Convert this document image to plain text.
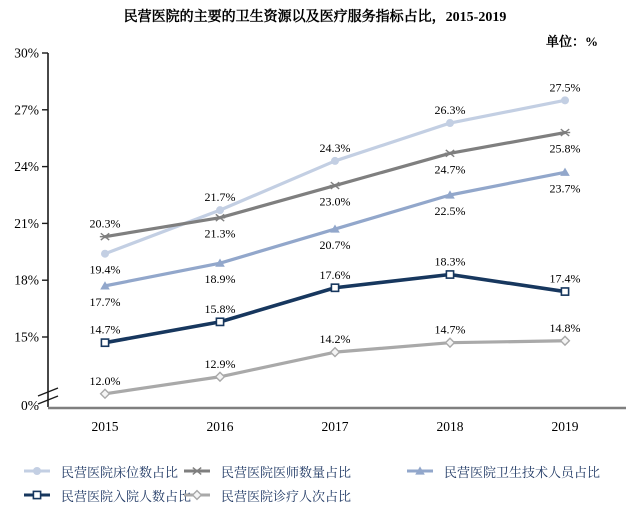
民营医院的主要的卫生资源以及医疗服务指标占比，2015-2019
单位：%
30%
27%
24%
21%
18%
15%
0%
2015	2016	2017	2018	2019
19.4%
21.7%
24.3%
26.3%
27.5%
20.3%
21.3%
23.0%
24.7%
25.8%
17.7%
18.9%
20.7%
22.5%
23.7%
14.7%
15.8%
17.6%
18.3%
17.4%
12.0%
12.9%
14.2%
14.7%	14.8%
民营医院床位数占比	民营医院医师数量占比	民营医院卫生技术人员占比
民营医院入院人数占比 民营医院诊疗人次占比
